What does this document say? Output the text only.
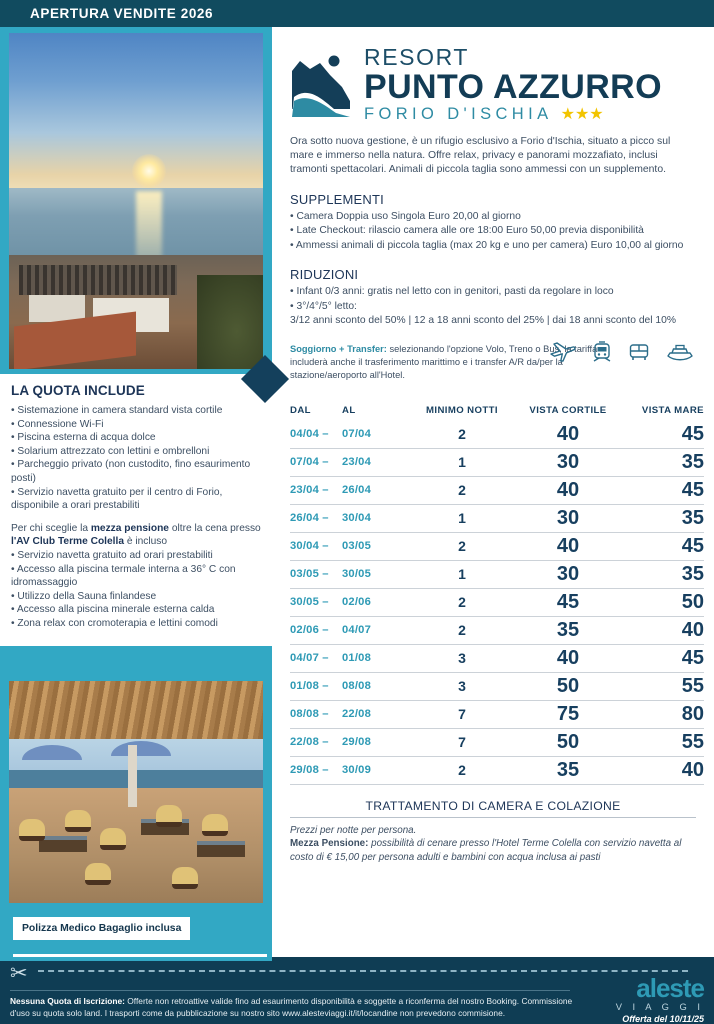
APERTURA VENDITE 2026
LA QUOTA INCLUDE
• Sistemazione in camera standard vista cortile
• Connessione Wi-Fi
• Piscina esterna di acqua dolce
• Solarium attrezzato con lettini e ombrelloni
• Parcheggio privato (non custodito, fino esaurimento posti)
• Servizio navetta gratuito per il centro di Forio, disponibile a orari prestabiliti

Per chi sceglie la mezza pensione oltre la cena presso l'AV Club Terme Colella è incluso

• Servizio navetta gratuito ad orari prestabiliti
• Accesso alla piscina termale interna a 36° C con idromassaggio
• Utilizzo della Sauna finlandese
• Accesso alla piscina minerale esterna calda
• Zona relax con cromoterapia e lettini comodi
Polizza Medico Bagaglio inclusa
RESORT
PUNTO AZZURRO
FORIO D'ISCHIA ★★★

Ora sotto nuova gestione, è un rifugio esclusivo a Forio d'Ischia, situato a picco sul mare e immerso nella natura. Offre relax, privacy e panorami mozzafiato, inclusi tramonti spettacolari. Animali di piccola taglia sono ammessi con un supplemento.

SUPPLEMENTI
• Camera Doppia uso Singola Euro 20,00 al giorno
• Late Checkout: rilascio camera alle ore 18:00 Euro 50,00 previa disponibilità
• Ammessi animali di piccola taglia (max 20 kg e uno per camera) Euro 10,00 al giorno
RIDUZIONI
• Infant 0/3 anni: gratis nel letto con in genitori, pasti da regolare in loco
• 3°/4°/5° letto:
3/12 anni sconto del 50% | 12 a 18 anni sconto del 25% | dai 18 anni sconto del 10%
Soggiorno + Transfer: selezionando l'opzione Volo, Treno o Bus, la tariffa includerà anche il trasferimento marittimo e i transfer A/R da/per la stazione/aeroporto all'Hotel.
DAL	AL	MINIMO NOTTI	VISTA CORTILE	VISTA MARE
04/04 –	07/04	2	40	45
07/04 –	23/04	1	30	35
23/04 –	26/04	2	40	45
26/04 –	30/04	1	30	35
30/04 –	03/05	2	40	45
03/05 –	30/05	1	30	35
30/05 –	02/06	2	45	50
02/06 –	04/07	2	35	40
04/07 –	01/08	3	40	45
01/08 –	08/08	3	50	55
08/08 –	22/08	7	75	80
22/08 –	29/08	7	50	55
29/08 –	30/09	2	35	40
TRATTAMENTO DI CAMERA E COLAZIONE
Prezzi per notte per persona.
Mezza Pensione: possibilità di cenare presso l'Hotel Terme Colella con servizio navetta al costo di € 15,00 per persona adulti e bambini con acqua inclusa ai pasti
✂
Nessuna Quota di Iscrizione: Offerte non retroattive valide fino ad esaurimento disponibilità e soggette a riconferma del nostro Booking. Commissione d'uso su quota solo land. I trasporti come da pubblicazione su nostro sito www.alesteviaggi.it/it/locandine non prevedono commisione.
aleste
V I A G G I
Offerta del 10/11/25
